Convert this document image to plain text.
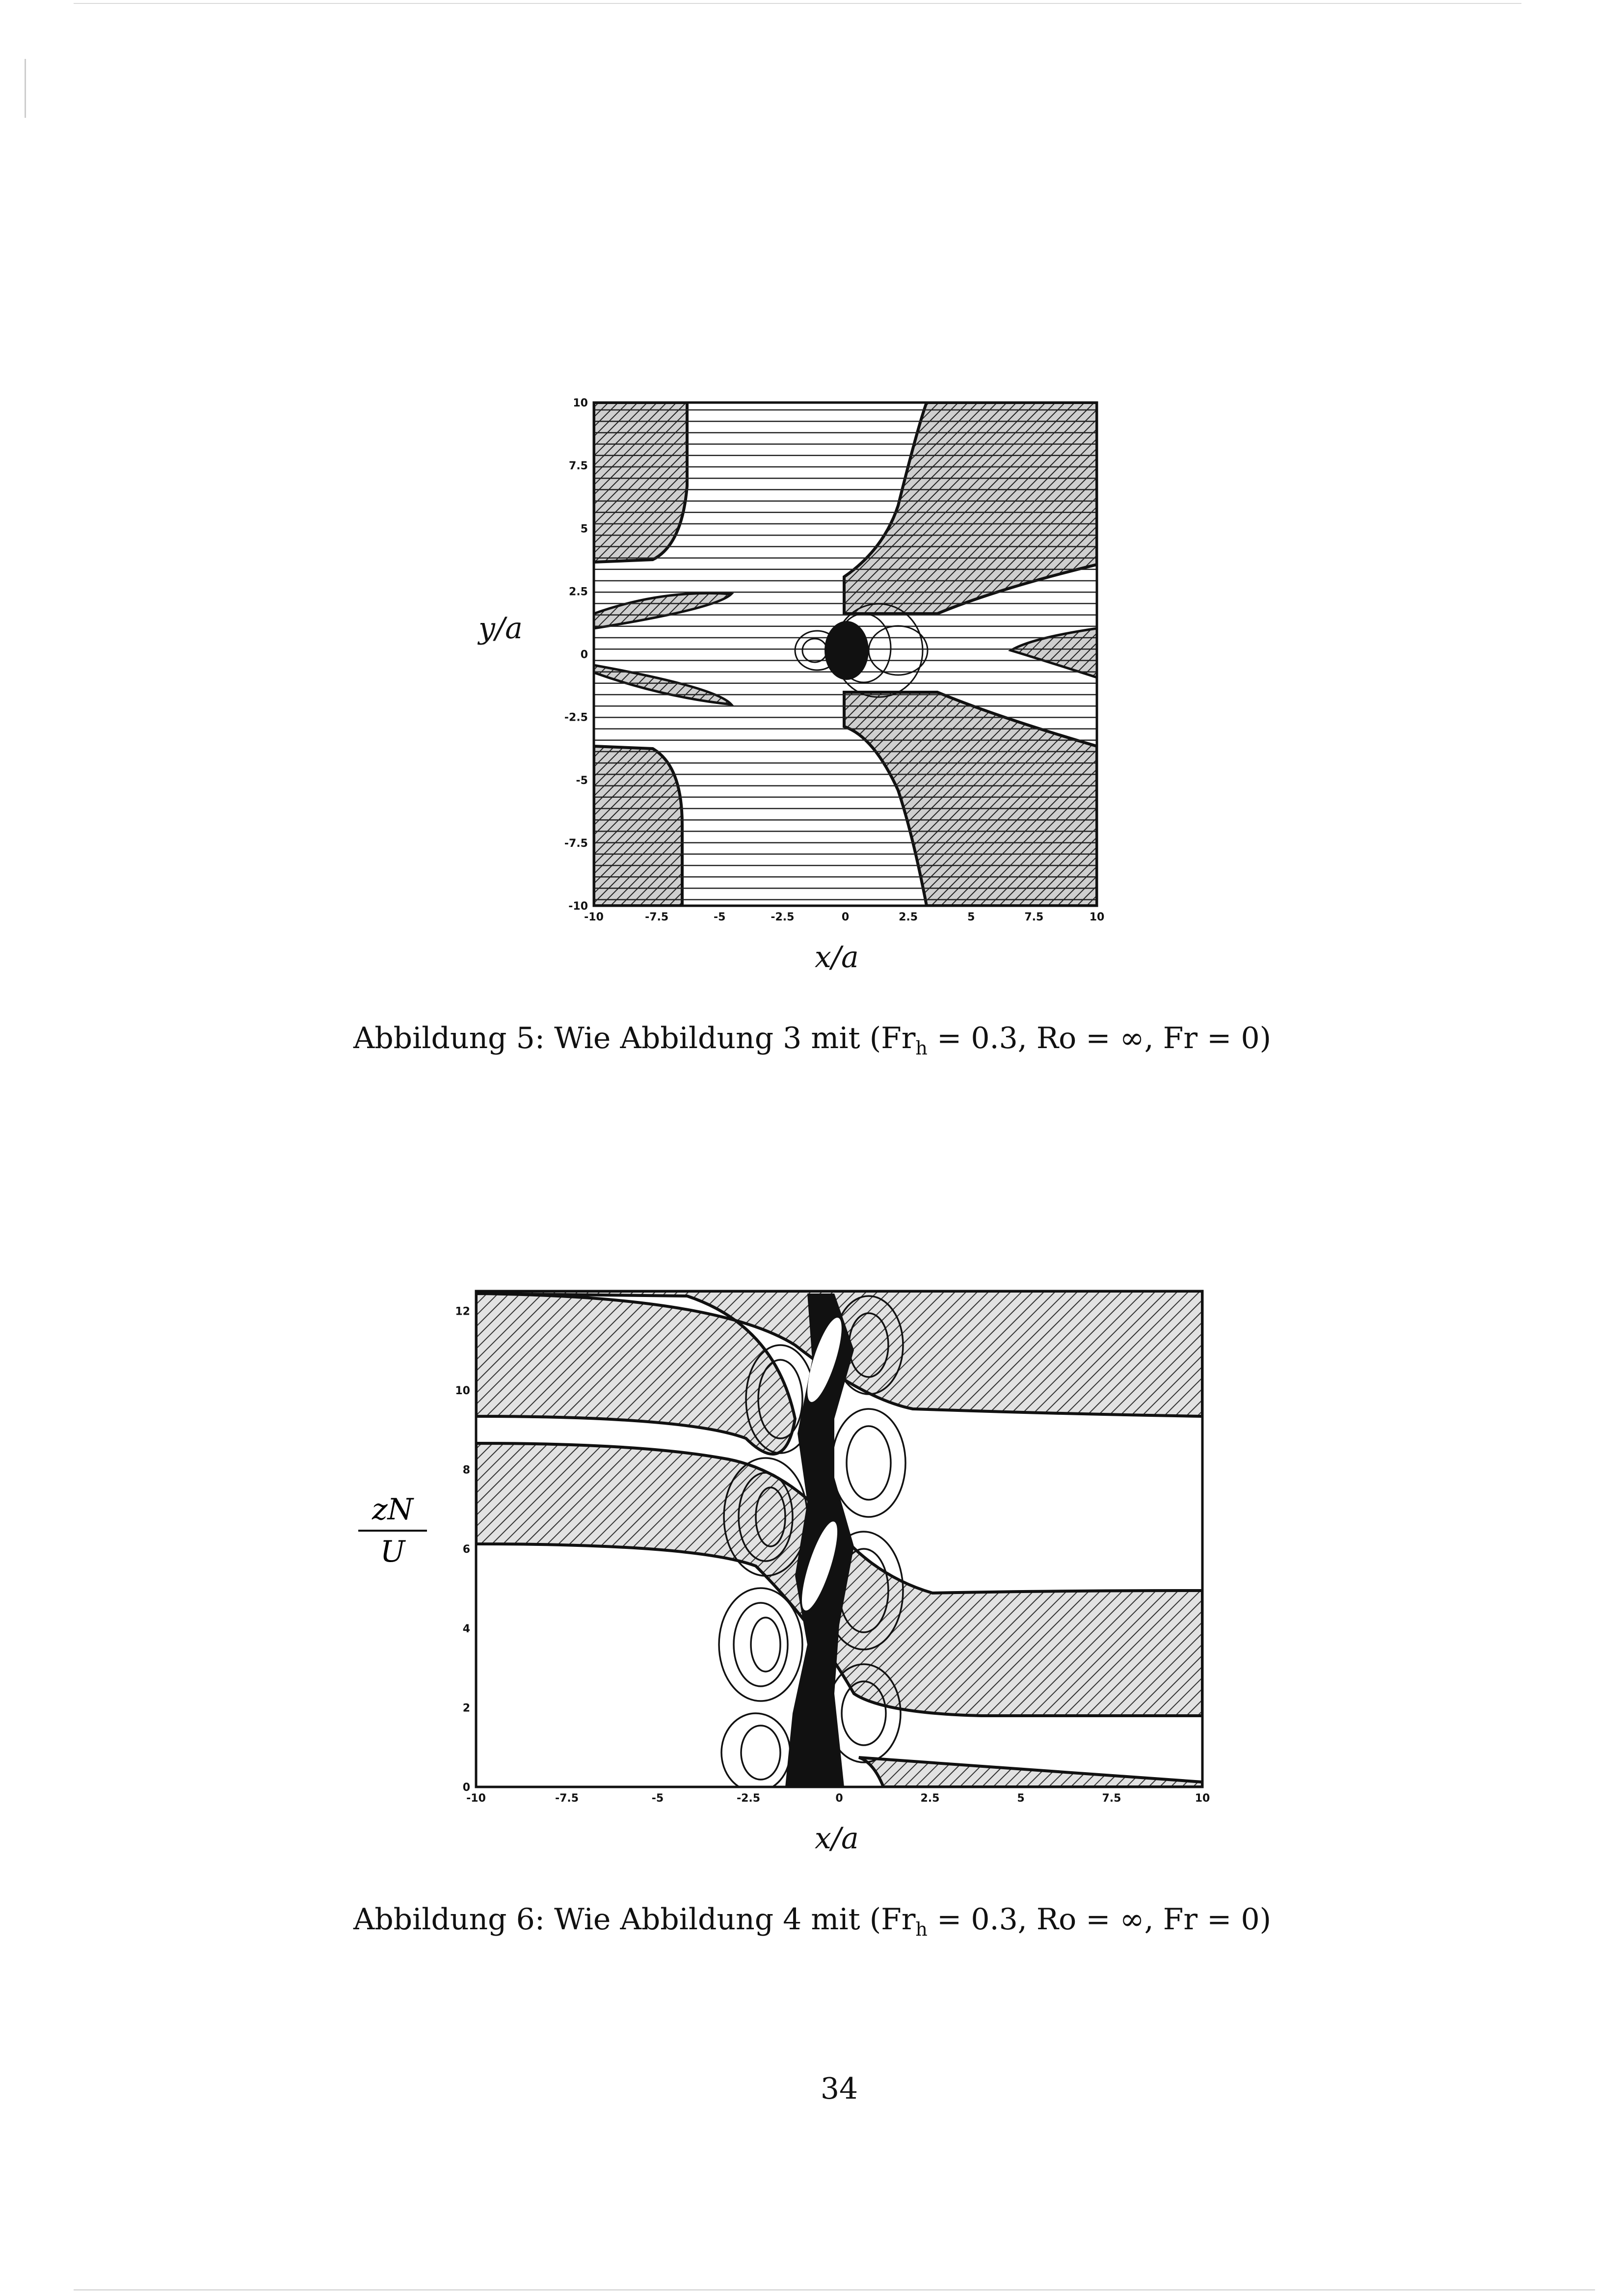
-10	-7.5	-5	-2.5	0	2.5	5	7.5	10
10
7.5
5
2.5
0
-2.5
-5
-7.5
-10
y/a
x/a
Abbildung 5: Wie Abbildung 3 mit ($Fr_h = 0.3$, Ro = ∞, Fr = 0)
-10	-7.5	-5	-2.5	0	2.5	5	7.5	10
12
10
8
6
4
2
0
$\frac{zN}{U}$
x/a
Abbildung 6: Wie Abbildung 4 mit ($Fr_h = 0.3$, Ro = ∞, Fr = 0)
34
